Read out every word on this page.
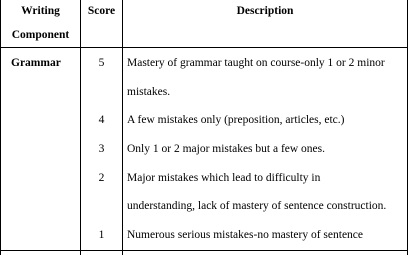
Writing
Component
Score	Description
Grammar	5
4
3
2
1
Mastery of grammar taught on course-only 1 or 2 minor
mistakes.
A few mistakes only (preposition, articles, etc.)
Only 1 or 2 major mistakes but a few ones.
Major mistakes which lead to difficulty in
understanding, lack of mastery of sentence construction.
Numerous serious mistakes-no mastery of sentence
